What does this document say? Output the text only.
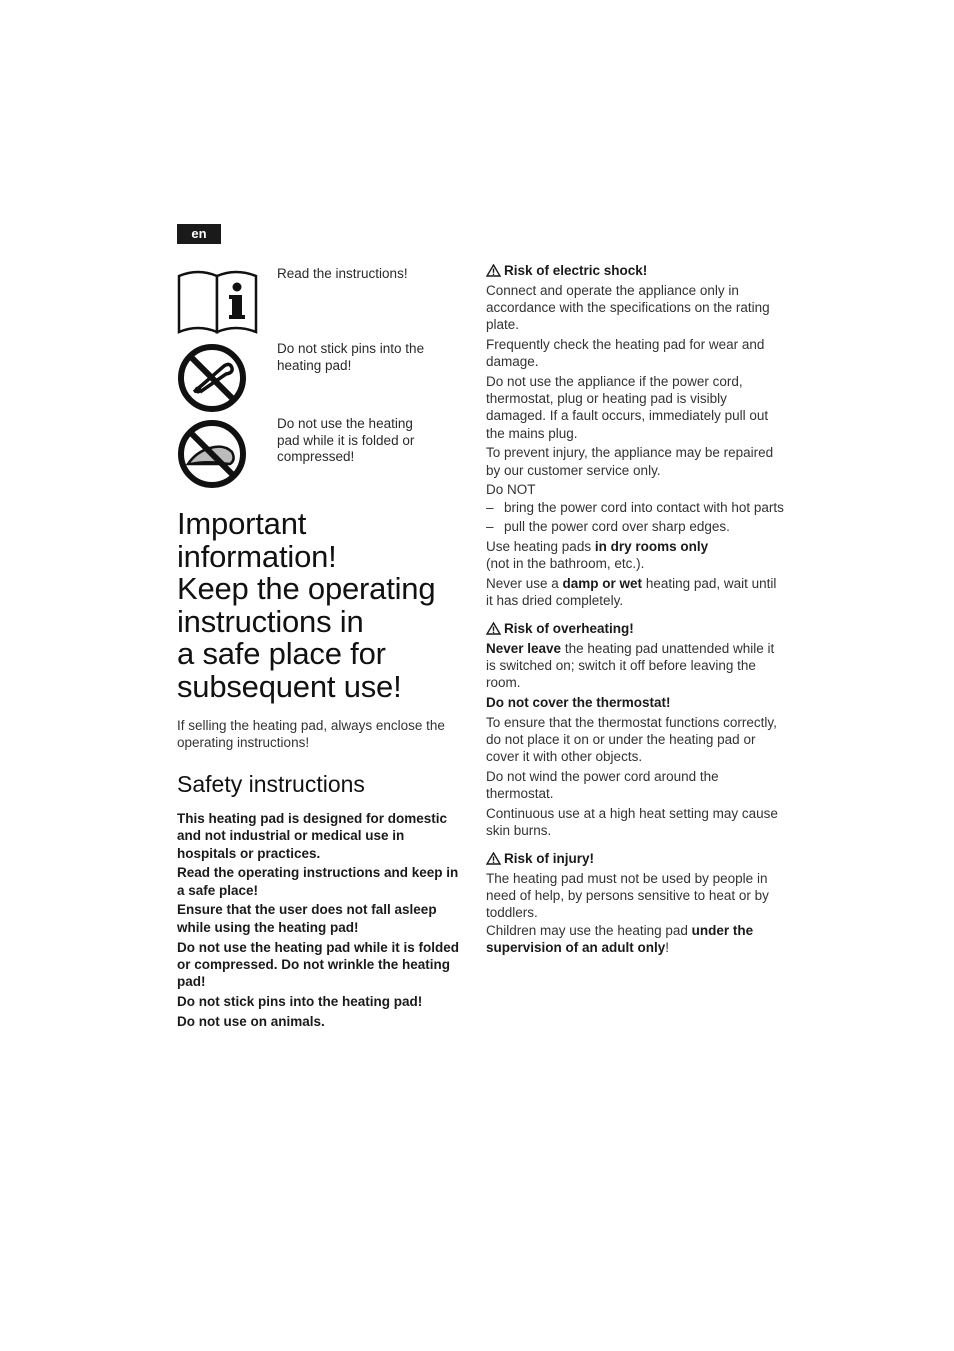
en
Read the instructions!
Do not stick pins into the heating pad!
Do not use the heating pad while it is folded or compressed!
Important
information!
Keep the operating
instructions in
a safe place for
subsequent use!

If selling the heating pad, always enclose the operating instructions!

Safety instructions

This heating pad is designed for domestic and not industrial or medical use in hospitals or practices.

Read the operating instructions and keep in a safe place!

Ensure that the user does not fall asleep while using the heating pad!

Do not use the heating pad while it is folded or compressed. Do not wrinkle the heating pad!

Do not stick pins into the heating pad!

Do not use on animals.

Risk of electric shock!

Connect and operate the appliance only in accordance with the specifications on the rating plate.

Frequently check the heating pad for wear and damage.

Do not use the appliance if the power cord, thermostat, plug or heating pad is visibly damaged. If a fault occurs, immediately pull out the mains plug.

To prevent injury, the appliance may be repaired by our customer service only.

Do NOT

– bring the power cord into contact with hot parts
– pull the power cord over sharp edges.

Use heating pads in dry rooms only
(not in the bathroom, etc.).

Never use a damp or wet heating pad, wait until it has dried completely.

Risk of overheating!

Never leave the heating pad unattended while it is switched on; switch it off before leaving the room.

Do not cover the thermostat!

To ensure that the thermostat functions correctly, do not place it on or under the heating pad or cover it with other objects.

Do not wind the power cord around the thermostat.

Continuous use at a high heat setting may cause skin burns.

Risk of injury!

The heating pad must not be used by people in need of help, by persons sensitive to heat or by toddlers.

Children may use the heating pad under the supervision of an adult only!
